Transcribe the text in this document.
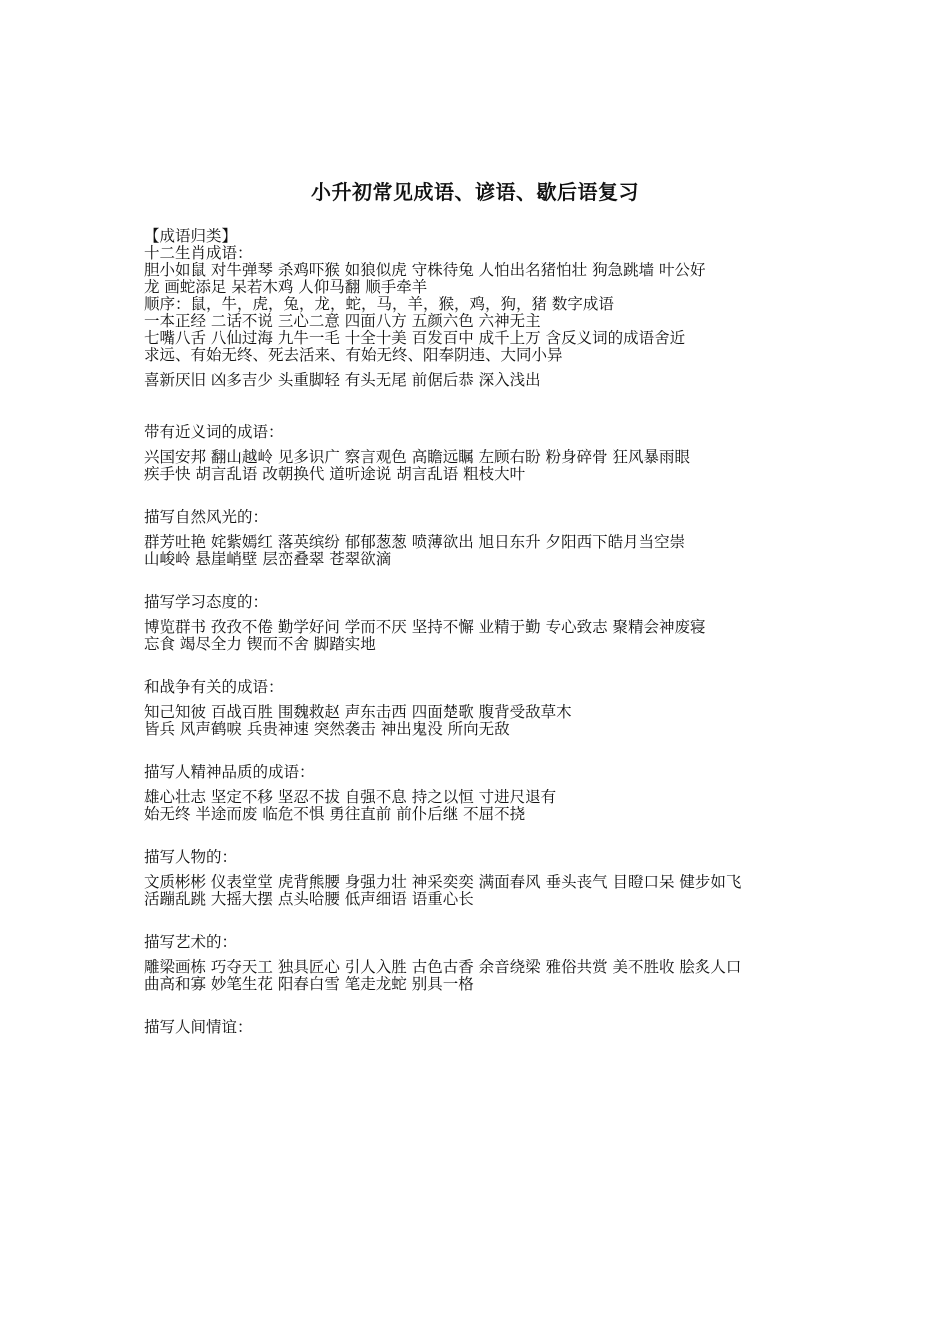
小升初常见成语、谚语、歇后语复习
【成语归类】
十二生肖成语：
胆小如鼠 对牛弹琴 杀鸡吓猴 如狼似虎 守株待兔 人怕出名猪怕壮 狗急跳墙 叶公好
龙 画蛇添足 呆若木鸡 人仰马翻 顺手牵羊
顺序：鼠，牛，虎，兔，龙，蛇，马，羊，猴，鸡，狗，猪 数字成语
一本正经 二话不说 三心二意 四面八方 五颜六色 六神无主
七嘴八舌 八仙过海 九牛一毛 十全十美 百发百中 成千上万 含反义词的成语舍近
求远、有始无终、死去活来、有始无终、阳奉阴违、大同小异
喜新厌旧 凶多吉少 头重脚轻 有头无尾 前倨后恭 深入浅出
带有近义词的成语：
兴国安邦 翻山越岭 见多识广 察言观色 高瞻远瞩 左顾右盼 粉身碎骨 狂风暴雨眼
疾手快 胡言乱语 改朝换代 道听途说 胡言乱语 粗枝大叶
描写自然风光的：
群芳吐艳 姹紫嫣红 落英缤纷 郁郁葱葱 喷薄欲出 旭日东升 夕阳西下皓月当空崇
山峻岭 悬崖峭壁 层峦叠翠 苍翠欲滴
描写学习态度的：
博览群书 孜孜不倦 勤学好问 学而不厌 坚持不懈 业精于勤 专心致志 聚精会神废寝
忘食 竭尽全力 锲而不舍 脚踏实地
和战争有关的成语：
知己知彼 百战百胜 围魏救赵 声东击西 四面楚歌 腹背受敌草木
皆兵 风声鹤唳 兵贵神速 突然袭击 神出鬼没 所向无敌
描写人精神品质的成语：
雄心壮志 坚定不移 坚忍不拔 自强不息 持之以恒 寸进尺退有
始无终 半途而废 临危不惧 勇往直前 前仆后继 不屈不挠
描写人物的：
文质彬彬 仪表堂堂 虎背熊腰 身强力壮 神采奕奕 满面春风 垂头丧气 目瞪口呆 健步如飞
活蹦乱跳 大摇大摆 点头哈腰 低声细语 语重心长
描写艺术的：
雕梁画栋 巧夺天工 独具匠心 引人入胜 古色古香 余音绕梁 雅俗共赏 美不胜收 脍炙人口
曲高和寡 妙笔生花 阳春白雪 笔走龙蛇 别具一格
描写人间情谊：
